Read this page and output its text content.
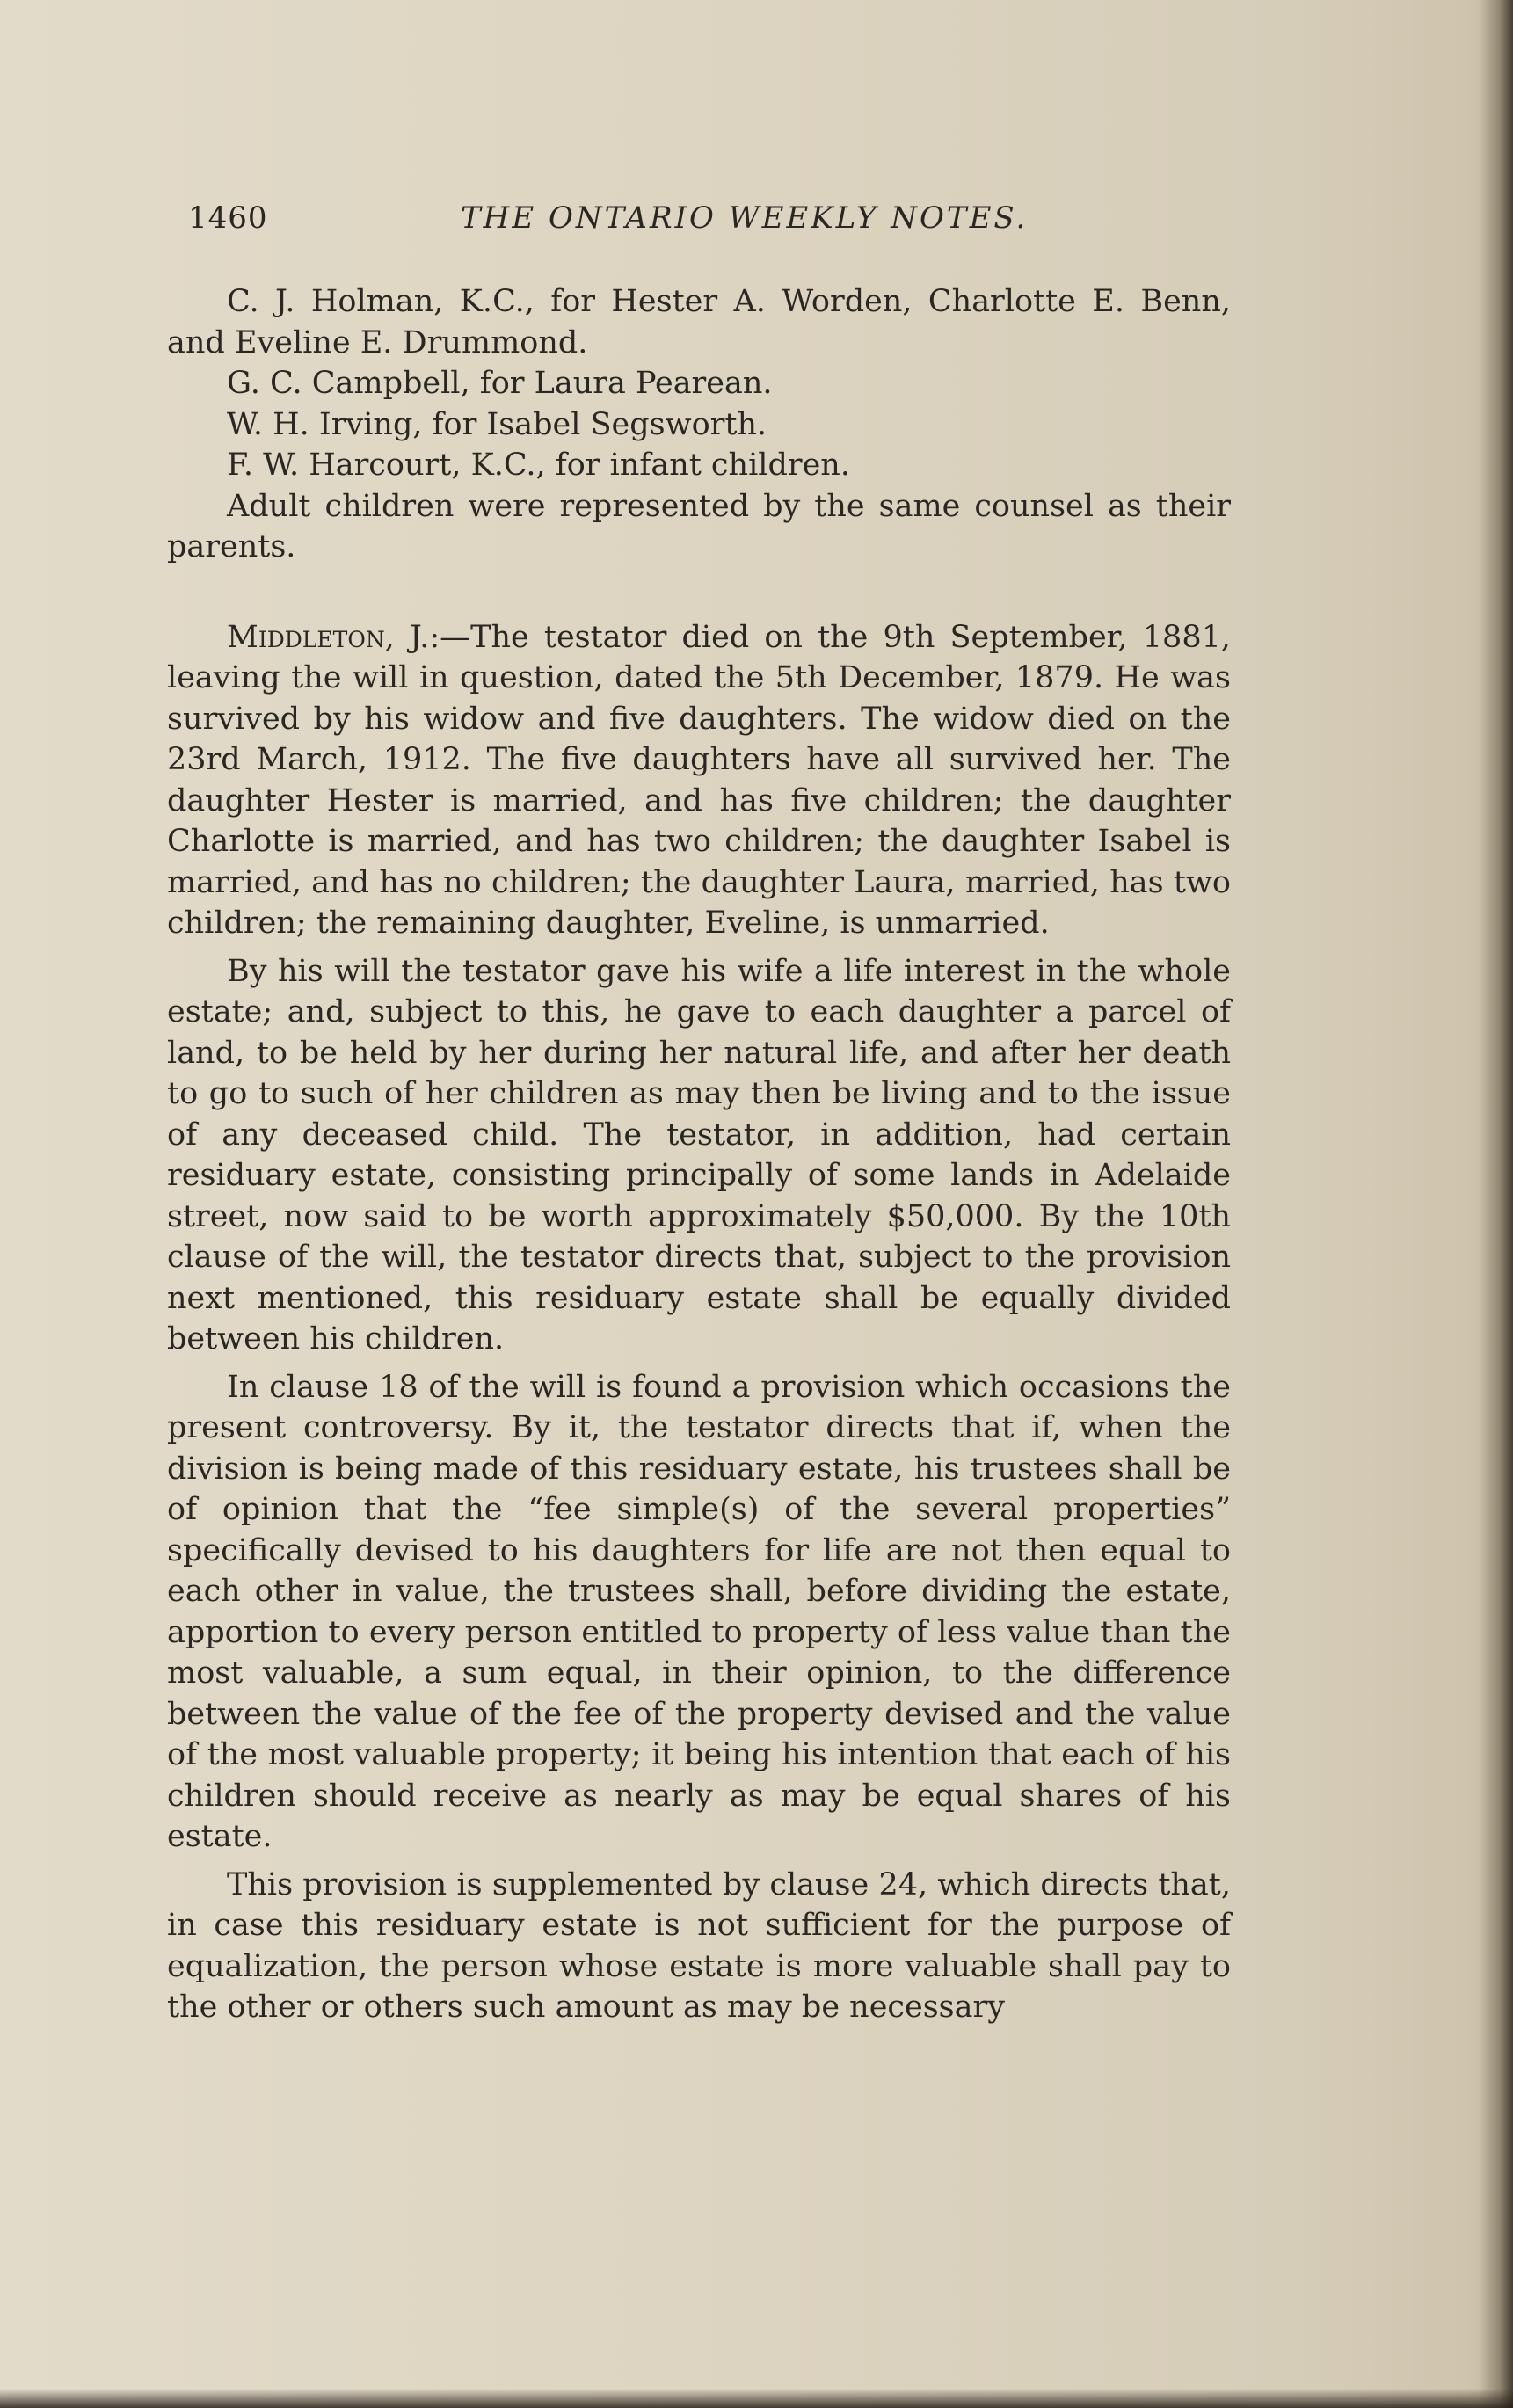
1460	THE ONTARIO WEEKLY NOTES.

C. J. Holman, K.C., for Hester A. Worden, Charlotte E. Benn, and Eveline E. Drummond.

G. C. Campbell, for Laura Pearean.

W. H. Irving, for Isabel Segsworth.

F. W. Harcourt, K.C., for infant children.

Adult children were represented by the same counsel as their parents.

Middleton, J.:—The testator died on the 9th September, 1881, leaving the will in question, dated the 5th December, 1879. He was survived by his widow and five daughters. The widow died on the 23rd March, 1912. The five daughters have all survived her. The daughter Hester is married, and has five children; the daughter Charlotte is married, and has two children; the daughter Isabel is married, and has no children; the daughter Laura, married, has two children; the remaining daughter, Eveline, is unmarried.

By his will the testator gave his wife a life interest in the whole estate; and, subject to this, he gave to each daughter a parcel of land, to be held by her during her natural life, and after her death to go to such of her children as may then be living and to the issue of any deceased child. The testator, in addition, had certain residuary estate, consisting principally of some lands in Adelaide street, now said to be worth approximately $50,000. By the 10th clause of the will, the testator directs that, subject to the provision next mentioned, this residuary estate shall be equally divided between his children.

In clause 18 of the will is found a provision which occasions the present controversy. By it, the testator directs that if, when the division is being made of this residuary estate, his trustees shall be of opinion that the “fee simple(s) of the several properties” specifically devised to his daughters for life are not then equal to each other in value, the trustees shall, before dividing the estate, apportion to every person entitled to property of less value than the most valuable, a sum equal, in their opinion, to the difference between the value of the fee of the property devised and the value of the most valuable property; it being his intention that each of his children should receive as nearly as may be equal shares of his estate.

This provision is supplemented by clause 24, which directs that, in case this residuary estate is not sufficient for the purpose of equalization, the person whose estate is more valuable shall pay to the other or others such amount as may be necessary
